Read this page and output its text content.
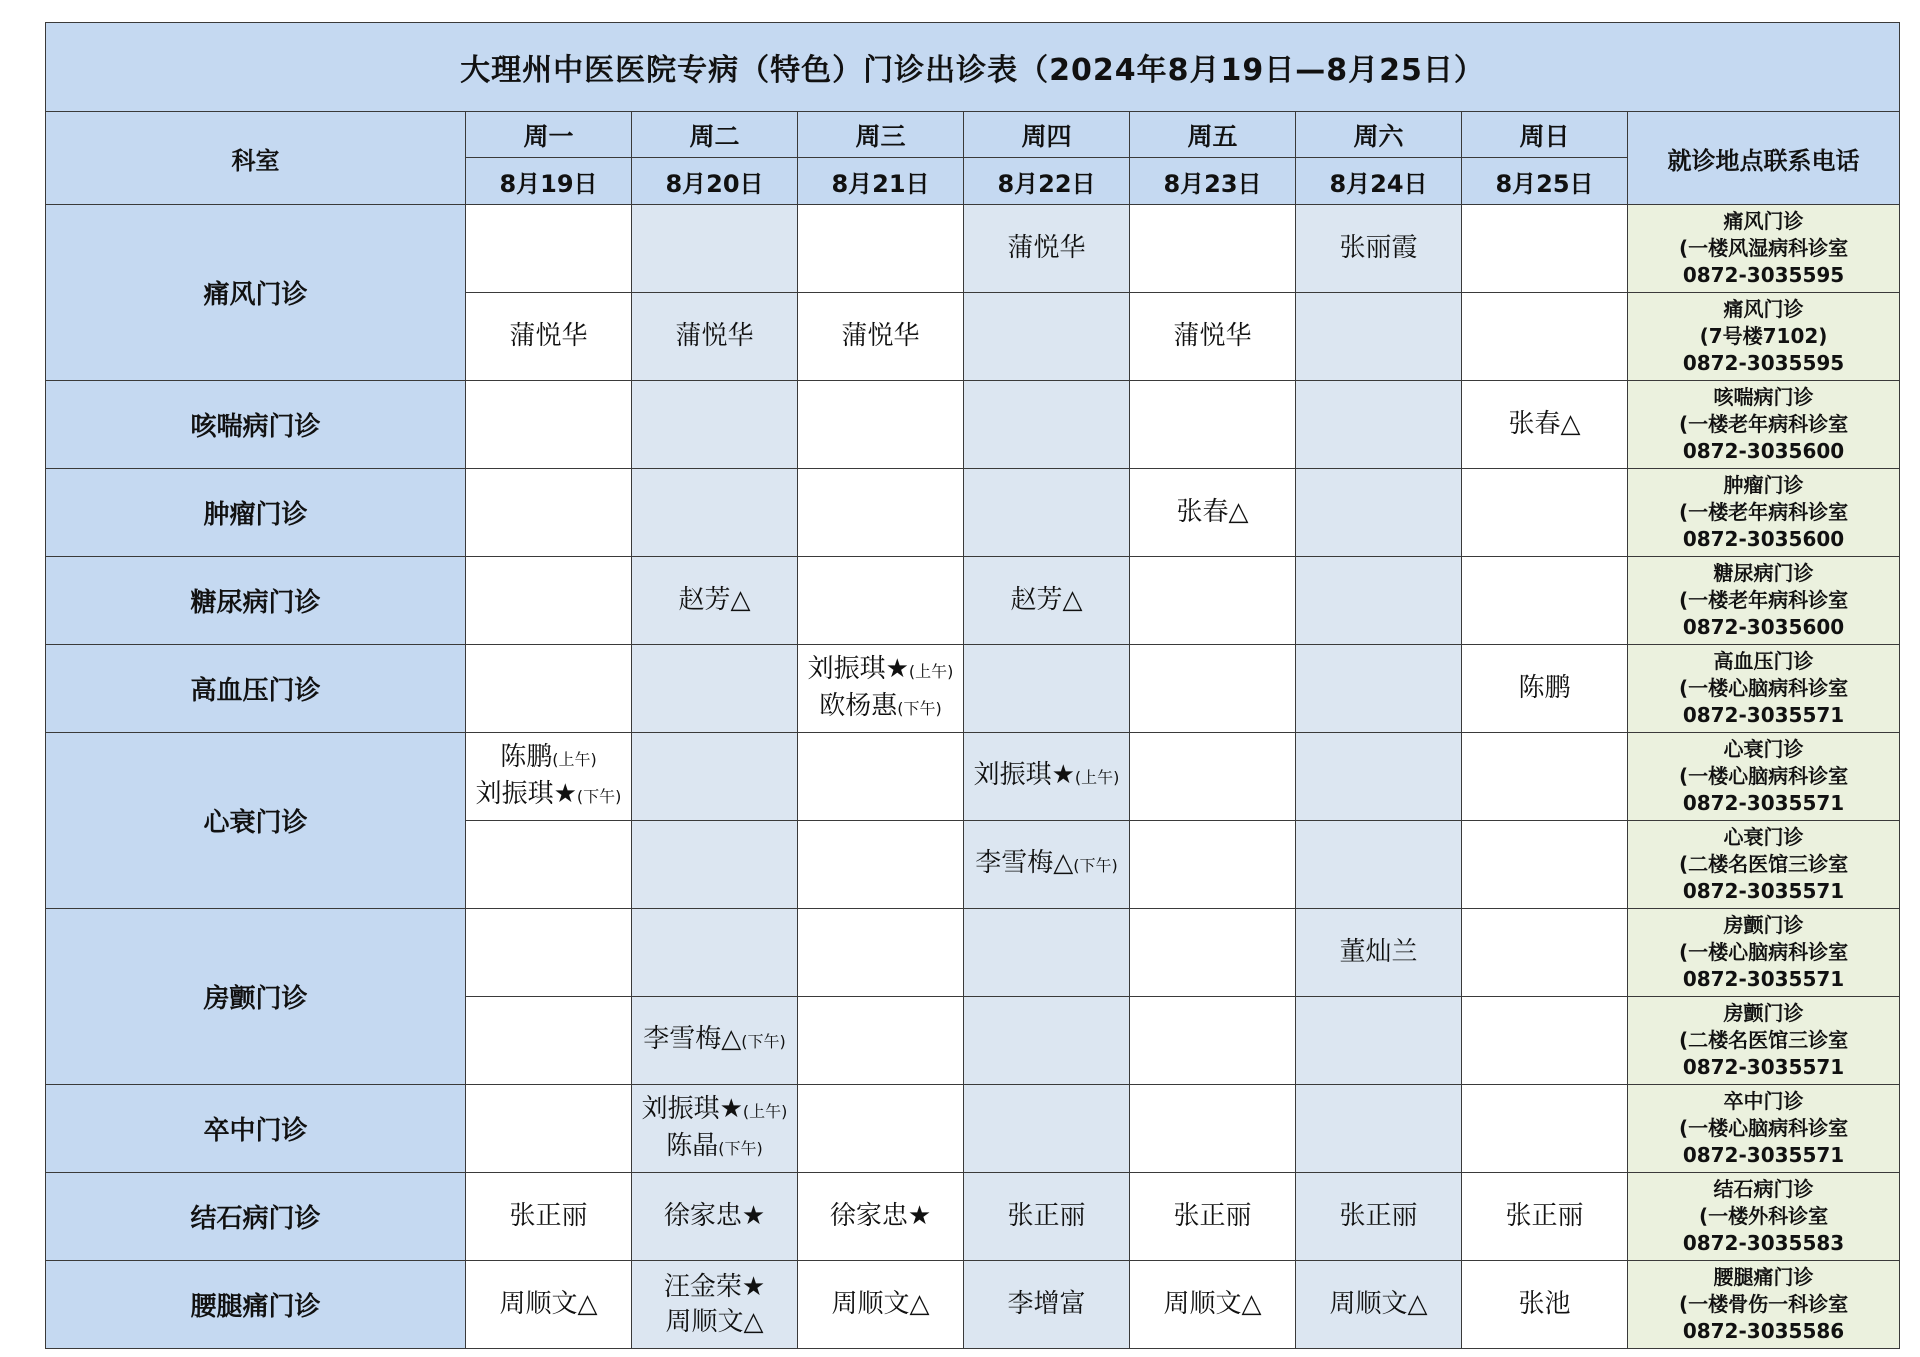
大理州中医医院专病（特色）门诊出诊表（2024年8月19日—8月25日）								
科室	周一	周二	周三	周四	周五	周六	周日	就诊地点联系电话
	8月19日	8月20日	8月21日	8月22日	8月23日	8月24日	8月25日	
痛风门诊				蒲悦华		张丽霞		痛风门诊
(一楼风湿病科诊室
0872-3035595

	蒲悦华	蒲悦华	蒲悦华		蒲悦华			痛风门诊
(7号楼7102)
0872-3035595

咳喘病门诊							张春△	咳喘病门诊
(一楼老年病科诊室
0872-3035600

肿瘤门诊					张春△			肿瘤门诊
(一楼老年病科诊室
0872-3035600

糖尿病门诊		赵芳△		赵芳△				糖尿病门诊
(一楼老年病科诊室
0872-3035600

高血压门诊			刘振琪★(上午)
欧杨惠(下午)				陈鹏	高血压门诊
(一楼心脑病科诊室
0872-3035571

心衰门诊	陈鹏(上午)
刘振琪★(下午)			刘振琪★(上午)				心衰门诊
(一楼心脑病科诊室
0872-3035571

				李雪梅△(下午)				心衰门诊
(二楼名医馆三诊室
0872-3035571

房颤门诊						董灿兰		房颤门诊
(一楼心脑病科诊室
0872-3035571

		李雪梅△(下午)						房颤门诊
(二楼名医馆三诊室
0872-3035571

卒中门诊		刘振琪★(上午)
陈晶(下午)						卒中门诊
(一楼心脑病科诊室
0872-3035571

结石病门诊	张正丽	徐家忠★	徐家忠★	张正丽	张正丽	张正丽	张正丽	结石病门诊
(一楼外科诊室
0872-3035583

腰腿痛门诊	周顺文△	汪金荣★
周顺文△	周顺文△	李增富	周顺文△	周顺文△	张池	腰腿痛门诊
(一楼骨伤一科诊室
0872-3035586
